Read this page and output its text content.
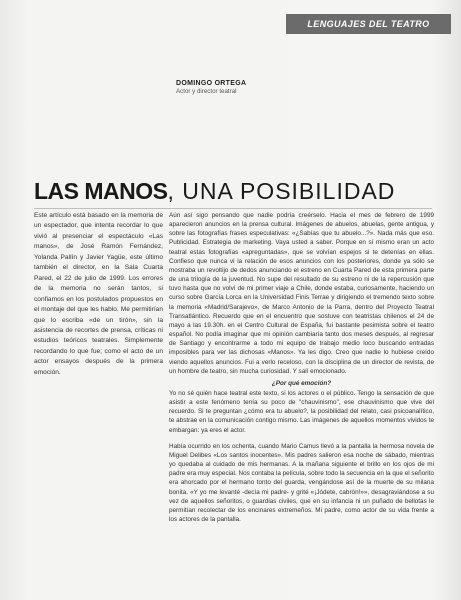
LENGUAJES DEL TEATRO
DOMINGO ORTEGA
Actor y director teatral
LAS MANOS, UNA POSIBILIDAD
Este artículo está basado en la memoria de un espectador, que intenta recordar lo que vivió al presenciar el espectáculo «Las manos», de José Ramón Fernández, Yolanda Pallín y Javier Yagüe, este último también el director, en la Sala Cuarta Pared, el 22 de julio de 1999. Los errores de la memoria no serán tantos, si confiamos en los postulados propuestos en el montaje del que les hablo. Me permitirían que lo escriba «de un tirón», sin la asistencia de recortes de prensa, críticas ni estudios teóricos teatrales. Simplemente recordando lo que fue; como el acto de un actor ensayos después de la primera emoción.

Aún así sigo pensando que nadie podría creérselo. Hacia el mes de febrero de 1999 aparecieron anuncios en la prensa cultural. Imágenes de abuelos, abuelas, gente antigua, y sobre las fotografías frases especulativas: «¿Sabías que tu abuelo...?». Nada más que eso. Publicidad. Estrategia de marketing. Vaya usted a saber. Porque en sí mismo eran un acto teatral estas fotografías «apreguntadas», que se volvían espejos si te detenías en ellas. Confieso que nunca vi la relación de esos anuncios con los posteriores, donde ya sólo se mostraba un revoltijo de dedos anunciando el estreno en Cuarta Pared de esta primera parte de una trilogía de la juventud. No supe del resultado de su estreno ni de la repercusión que tuvo hasta que no volví de mi primer viaje a Chile, donde estaba, curiosamente, haciendo un curso sobre García Lorca en la Universidad Finis Terrae y dirigiendo el tremendo texto sobre la memoria «Madrid/Sarajevo», de Marco Antonio de la Parra, dentro del Proyecto Teatral Transatlántico. Recuerdo que en el encuentro que sostuve con teatristas chilenos el 24 de mayo a las 19.30h. en el Centro Cultural de España, fui bastante pesimista sobre el teatro español. No podía imaginar que mi opinión cambiaría tanto dos meses después, al regresar de Santiago y encontrarme a todo mi equipo de trabajo medio loco buscando entradas imposibles para ver las dichosas «Manos». Ya les digo. Creo que nadie lo hubiese creído viendo aquellos anuncios. Fui a verlo receloso, con la disciplina de un director de revista, de un hombre de teatro, sin mucha curiosidad. Y salí emocionado.

¿Por qué emoción?

Yo no sé quién hace teatral este texto, si los actores o el público. Tengo la sensación de que asistir a este fenómeno tenía su poco de "chauvinismo", ese chauvinismo que vive del recuerdo. Si te preguntan ¿cómo era tu abuelo?, la posibilidad del relato, casi psicoanalítico, te abstrae en la comunicación contigo mismo. Las imágenes de aquellos momentos vividos te embargan: ya eres el actor.

Había ocurrido en los ochenta, cuando Mario Camus llevó a la pantalla la hermosa novela de Miguel Delibes «Los santos inocentes». Mis padres salieron esa noche de sábado, mientras yo quedaba al cuidado de mis hermanas. A la mañana siguiente el brillo en los ojos de mi padre era muy especial. Nos contaba la película, sobre todo la secuencia en la que el señorito era ahorcado por el hermano tonto del guarda, vengándose así de la muerte de su milana bonita. «Y yo me levanté -decía mi padre- y grité «¡Jódete, cabrón!»», desagraviándose a su vez de aquellos señoritos, o guardias civiles, que en su infancia ni un puñado de bellotas le permitían recolectar de los encinares extremeños. Mi padre, como actor de su vida frente a los actores de la pantalla.
